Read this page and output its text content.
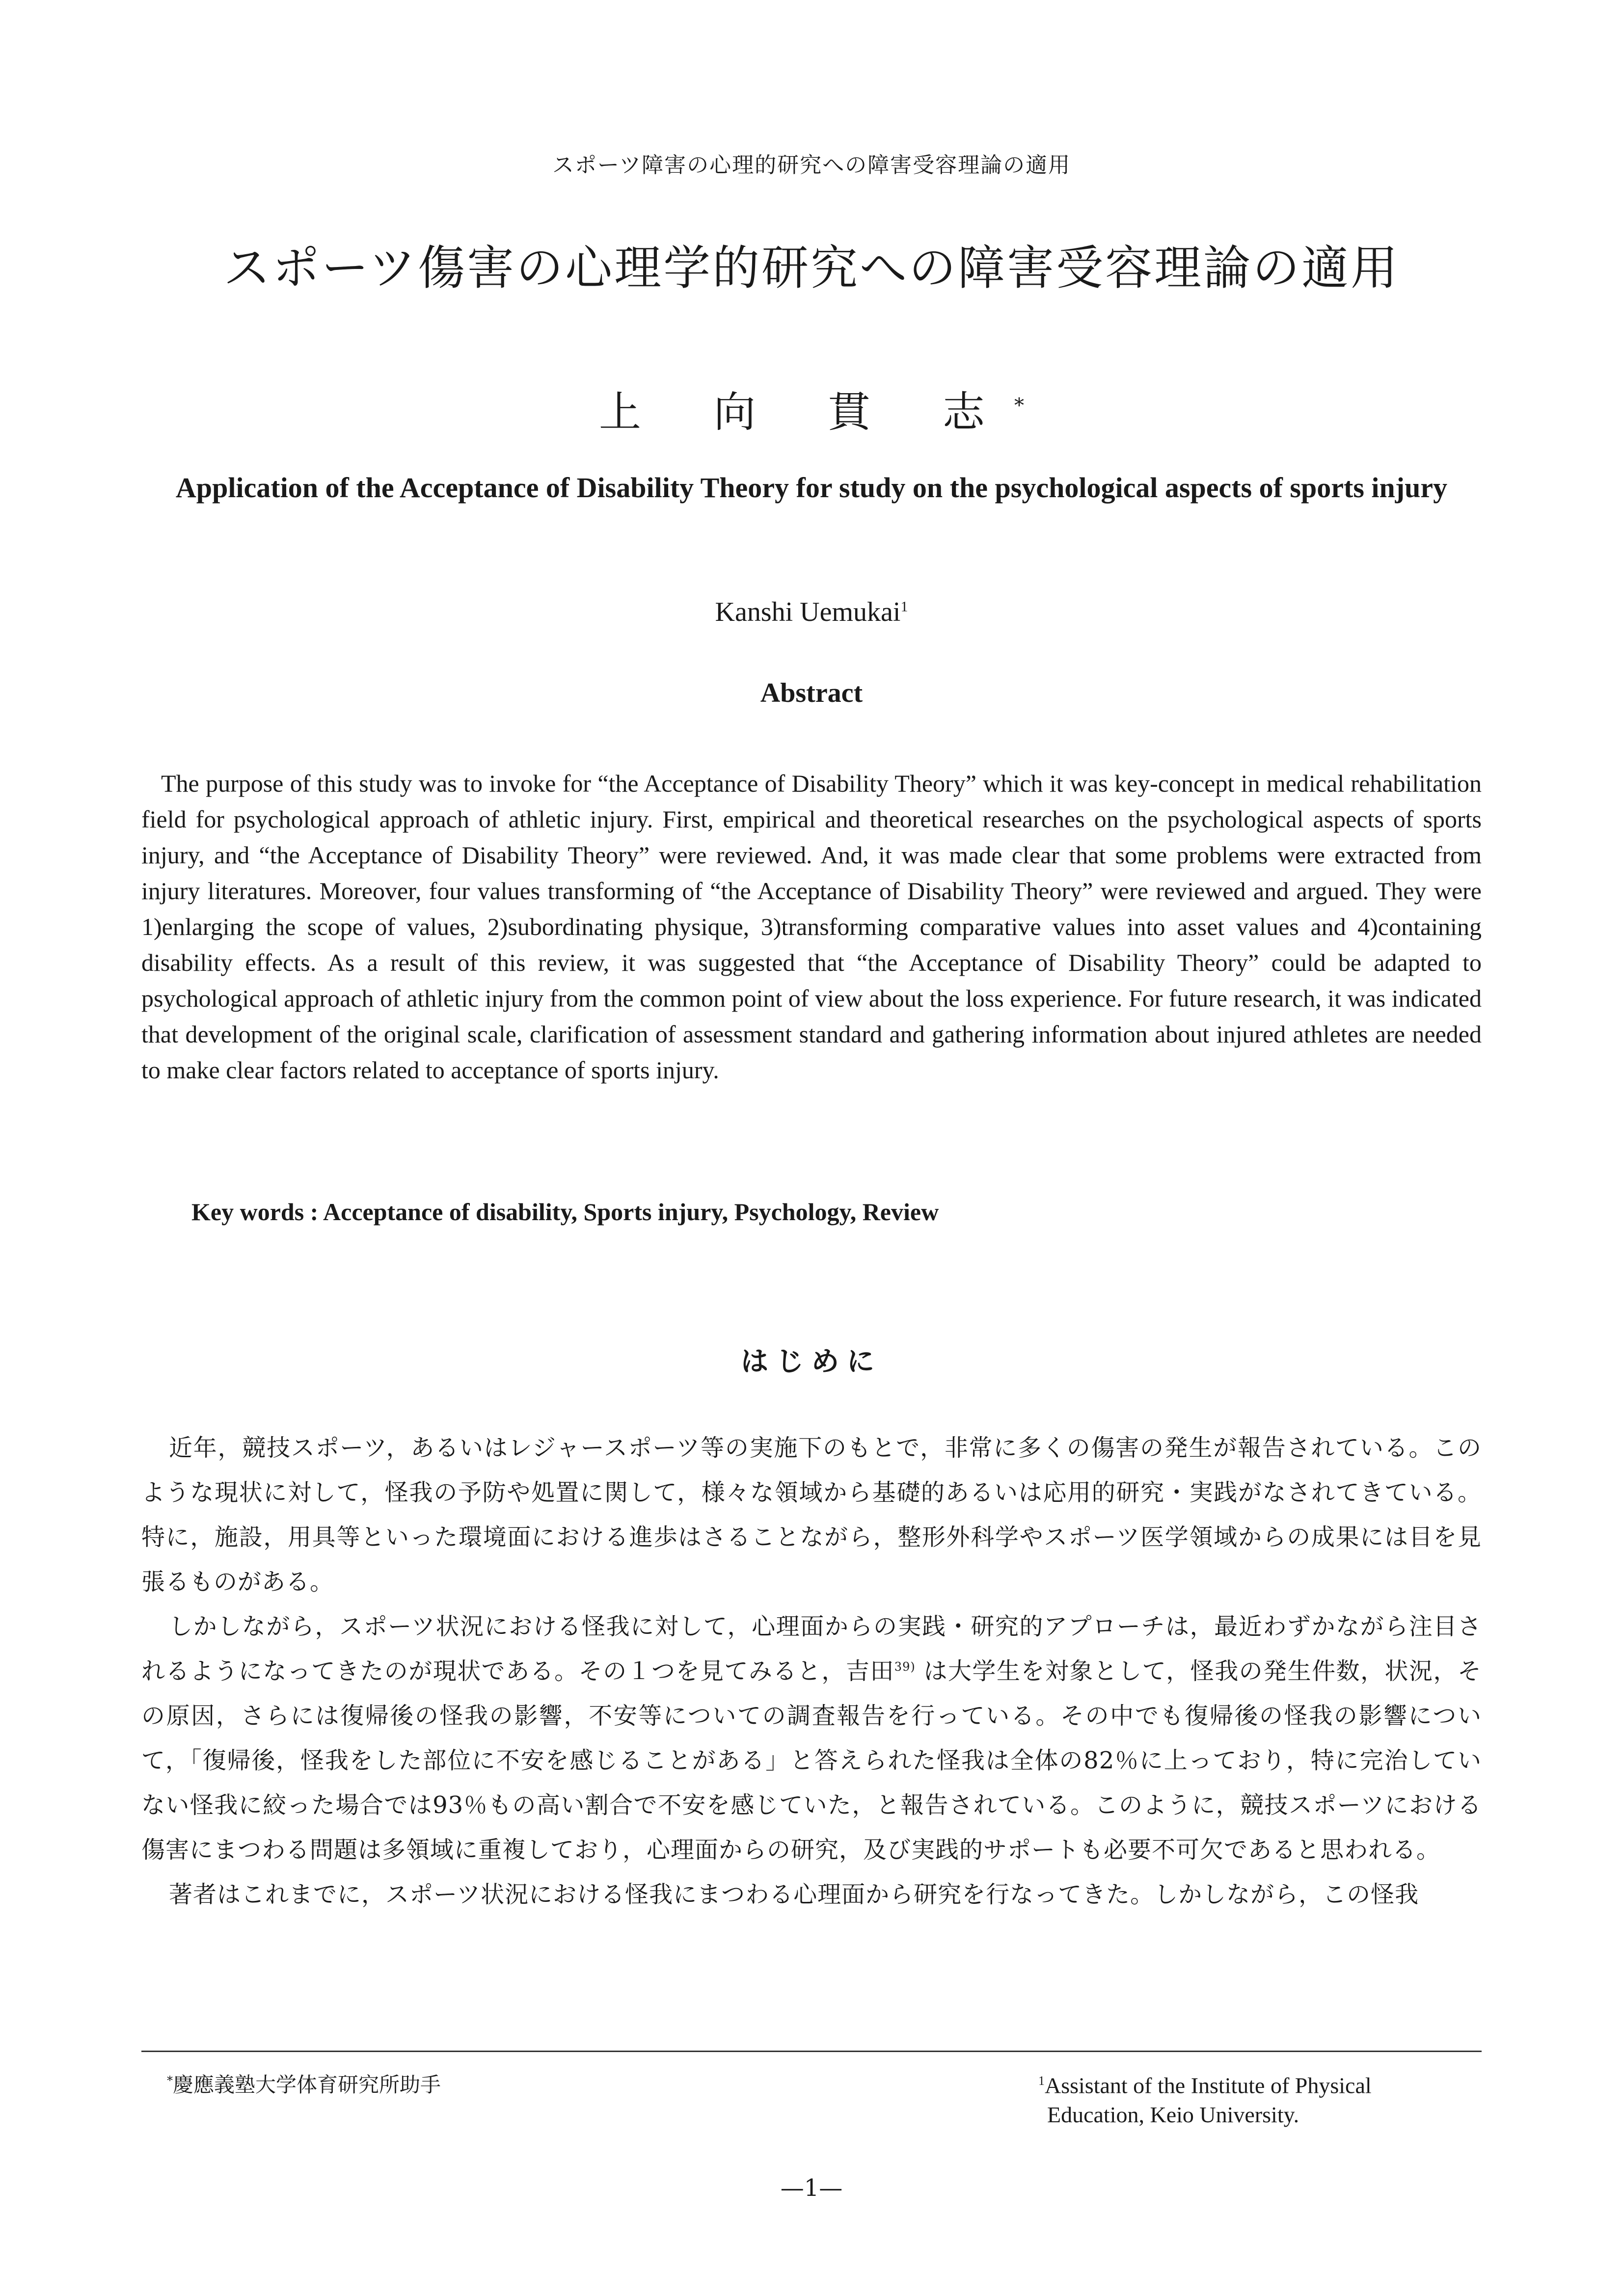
スポーツ障害の心理的研究への障害受容理論の適用
スポーツ傷害の心理学的研究への障害受容理論の適用
上 向 貫 志*
Application of the Acceptance of Disability Theory for study on the psychological aspects of sports injury
Kanshi Uemukai$^1$
Abstract

The purpose of this study was to invoke for “the Acceptance of Disability Theory” which it was key-concept in medical rehabilitation field for psychological approach of athletic injury. First, empirical and theoretical researches on the psychological aspects of sports injury, and “the Acceptance of Disability Theory” were reviewed. And, it was made clear that some problems were extracted from injury literatures. Moreover, four values transforming of “the Acceptance of Disability Theory” were reviewed and argued. They were 1)enlarging the scope of values, 2)subordinating physique, 3)transforming comparative values into asset values and 4)containing disability effects. As a result of this review, it was suggested that “the Acceptance of Disability Theory” could be adapted to psychological approach of athletic injury from the common point of view about the loss experience. For future research, it was indicated that development of the original scale, clarification of assessment standard and gathering information about injured athletes are needed to make clear factors related to acceptance of sports injury.

Key words : Acceptance of disability, Sports injury, Psychology, Review
はじめに

近年，競技スポーツ，あるいはレジャースポーツ等の実施下のもとで，非常に多くの傷害の発生が報告されている。このような現状に対して，怪我の予防や処置に関して，様々な領域から基礎的あるいは応用的研究・実践がなされてきている。特に，施設，用具等といった環境面における進歩はさることながら，整形外科学やスポーツ医学領域からの成果には目を見張るものがある。

しかしながら，スポーツ状況における怪我に対して，心理面からの実践・研究的アプローチは，最近わずかながら注目されるようになってきたのが現状である。その１つを見てみると，吉田$^{39)}$ は大学生を対象として，怪我の発生件数，状況，その原因，さらには復帰後の怪我の影響，不安等についての調査報告を行っている。その中でも復帰後の怪我の影響について，「復帰後，怪我をした部位に不安を感じることがある」と答えられた怪我は全体の82％に上っており，特に完治していない怪我に絞った場合では93％もの高い割合で不安を感じていた，と報告されている。このように，競技スポーツにおける傷害にまつわる問題は多領域に重複しており，心理面からの研究，及び実践的サポートも必要不可欠であると思われる。

著者はこれまでに，スポーツ状況における怪我にまつわる心理面から研究を行なってきた。しかしながら，この怪我

*慶應義塾大学体育研究所助手	$^1$Assistant of the Institute of Physical
Education, Keio University.
—1—
